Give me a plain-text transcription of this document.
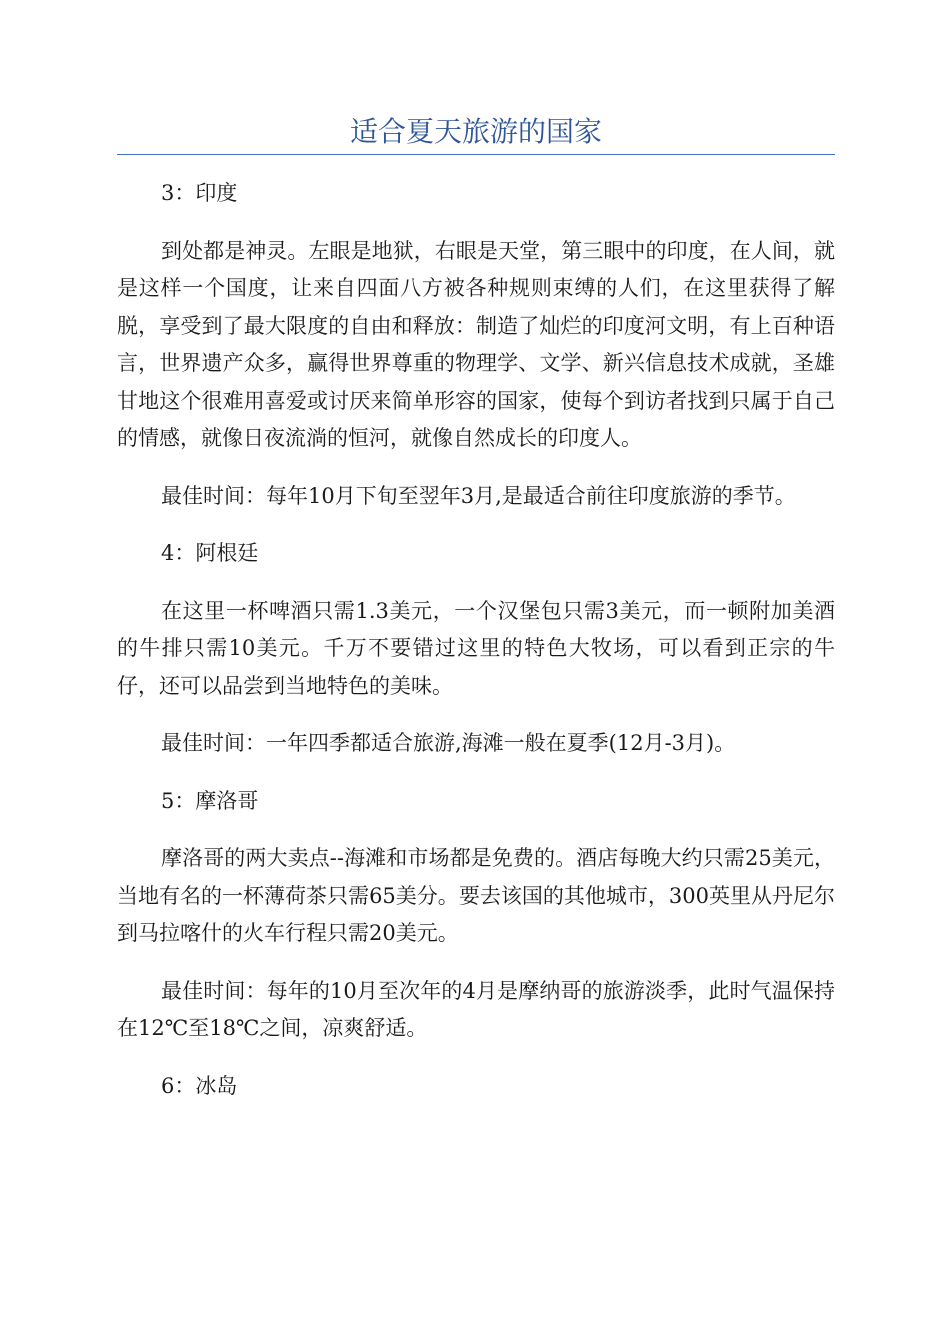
适合夏天旅游的国家

3：印度

到处都是神灵。左眼是地狱，右眼是天堂，第三眼中的印度，在人间，就是这样一个国度，让来自四面八方被各种规则束缚的人们，在这里获得了解脱，享受到了最大限度的自由和释放：制造了灿烂的印度河文明，有上百种语言，世界遗产众多，赢得世界尊重的物理学、文学、新兴信息技术成就，圣雄甘地这个很难用喜爱或讨厌来简单形容的国家，使每个到访者找到只属于自己的情感，就像日夜流淌的恒河，就像自然成长的印度人。

最佳时间：每年10月下旬至翌年3月,是最适合前往印度旅游的季节。

4：阿根廷

在这里一杯啤酒只需1.3美元，一个汉堡包只需3美元，而一顿附加美酒的牛排只需10美元。千万不要错过这里的特色大牧场，可以看到正宗的牛仔，还可以品尝到当地特色的美味。

最佳时间：一年四季都适合旅游,海滩一般在夏季(12月-3月)。

5：摩洛哥

摩洛哥的两大卖点--海滩和市场都是免费的。酒店每晚大约只需25美元，当地有名的一杯薄荷茶只需65美分。要去该国的其他城市，300英里从丹尼尔到马拉喀什的火车行程只需20美元。

最佳时间：每年的10月至次年的4月是摩纳哥的旅游淡季，此时气温保持在12℃至18℃之间，凉爽舒适。

6：冰岛
